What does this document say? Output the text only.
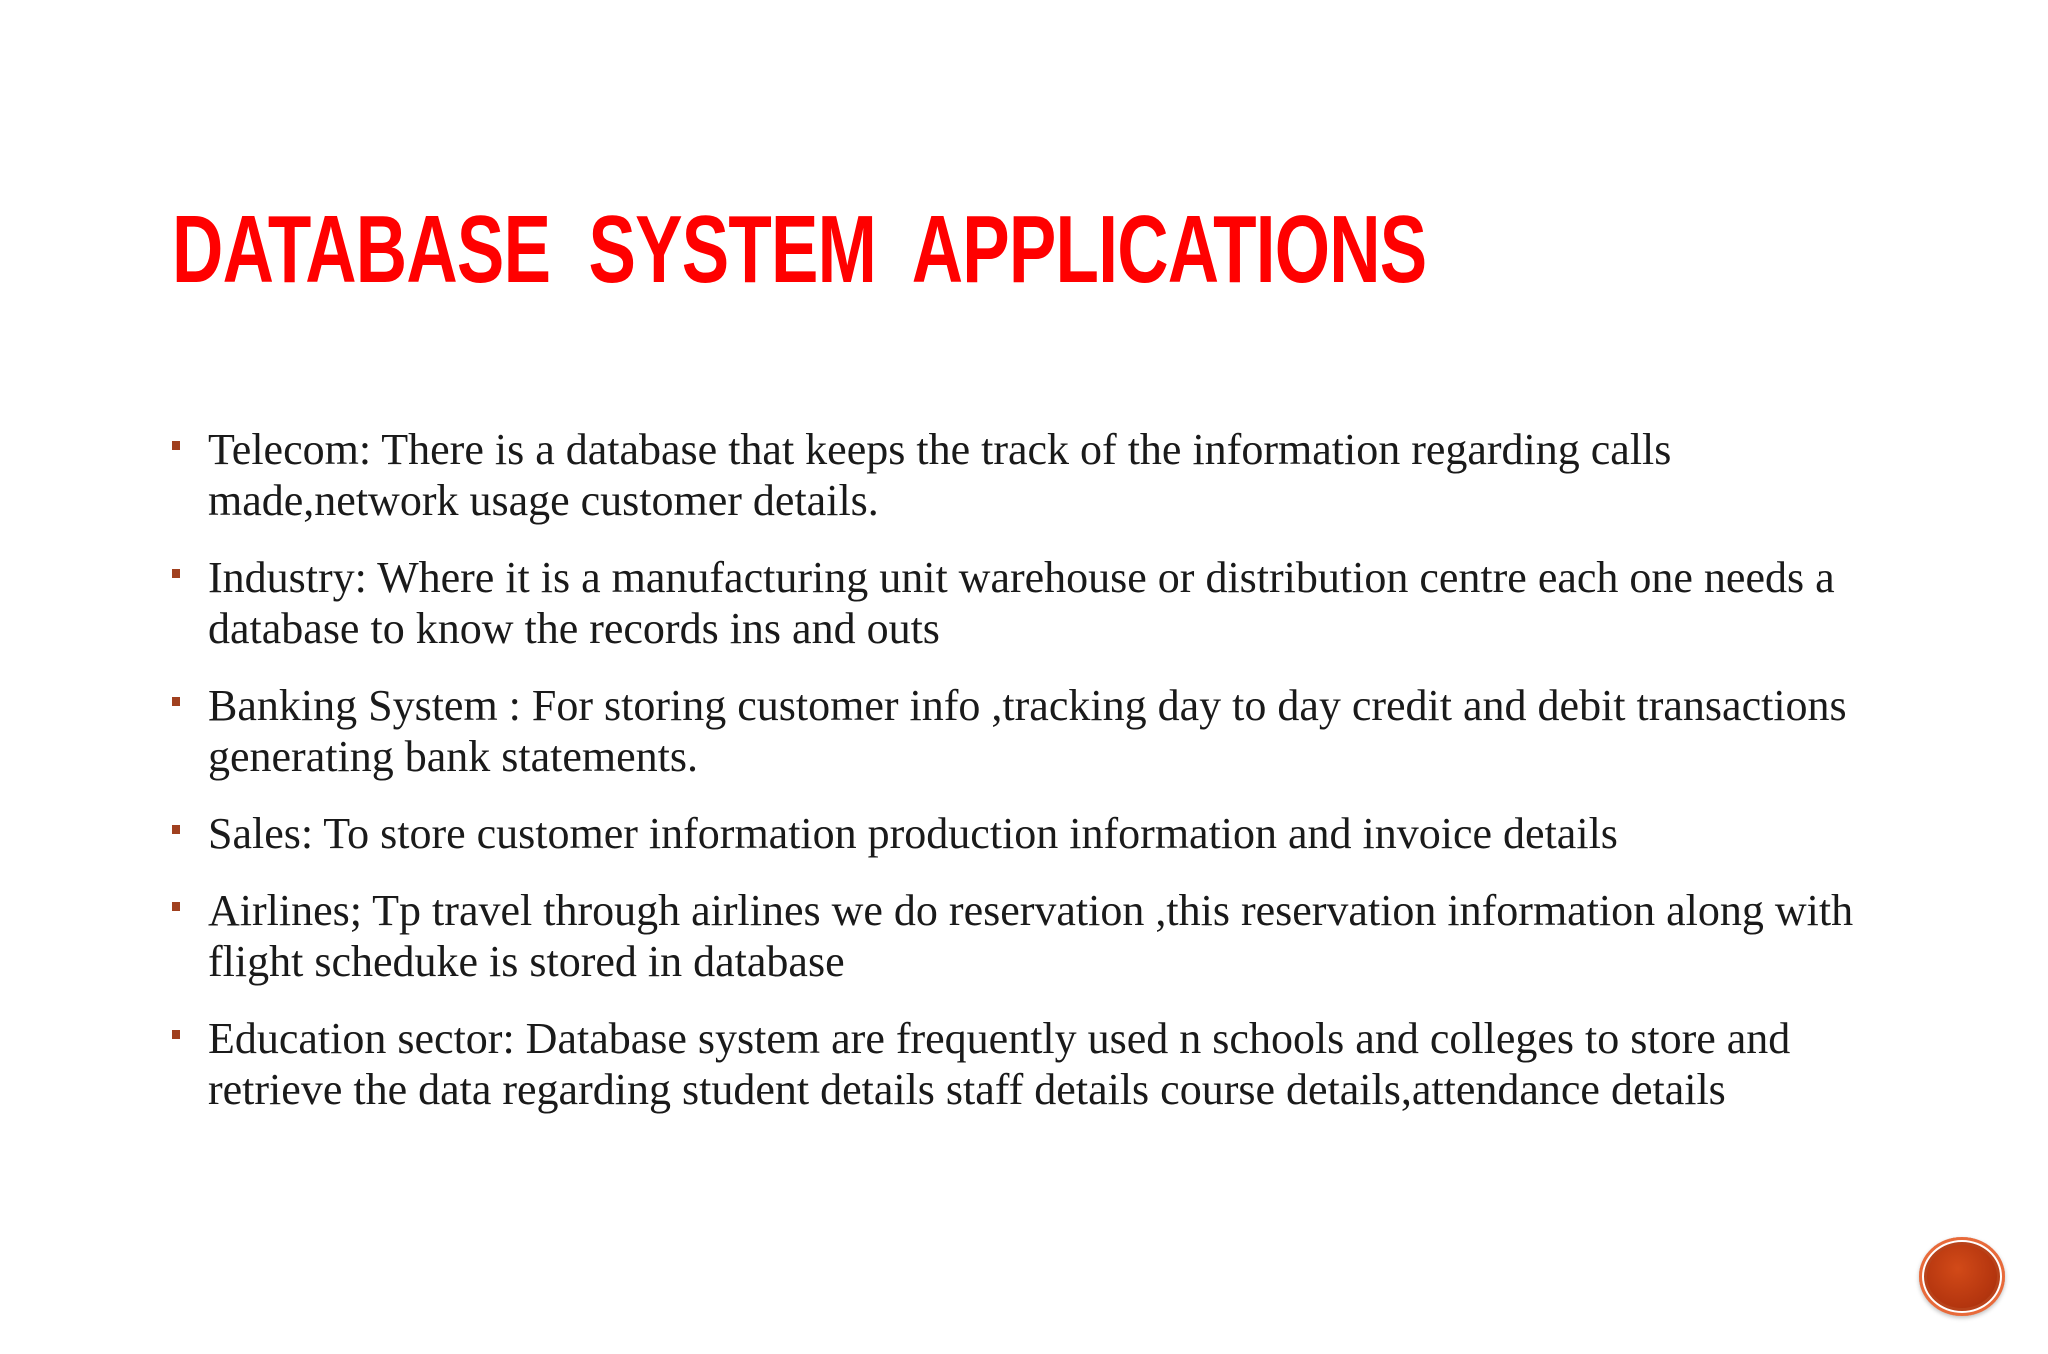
DATABASE SYSTEM APPLICATIONS
Telecom: There is a database that keeps the track of the information regarding calls made,network usage customer details.
Industry: Where it is a manufacturing unit warehouse or distribution centre each one needs a database to know the records ins and outs
Banking System : For storing customer info ,tracking day to day credit and debit transactions generating bank statements.
Sales: To store customer information production information and invoice details
Airlines; Tp travel through airlines we do reservation ,this reservation information along with flight scheduke is stored in database
Education sector: Database system are frequently used n schools and colleges to store and retrieve the data regarding student details staff details course details,attendance details
